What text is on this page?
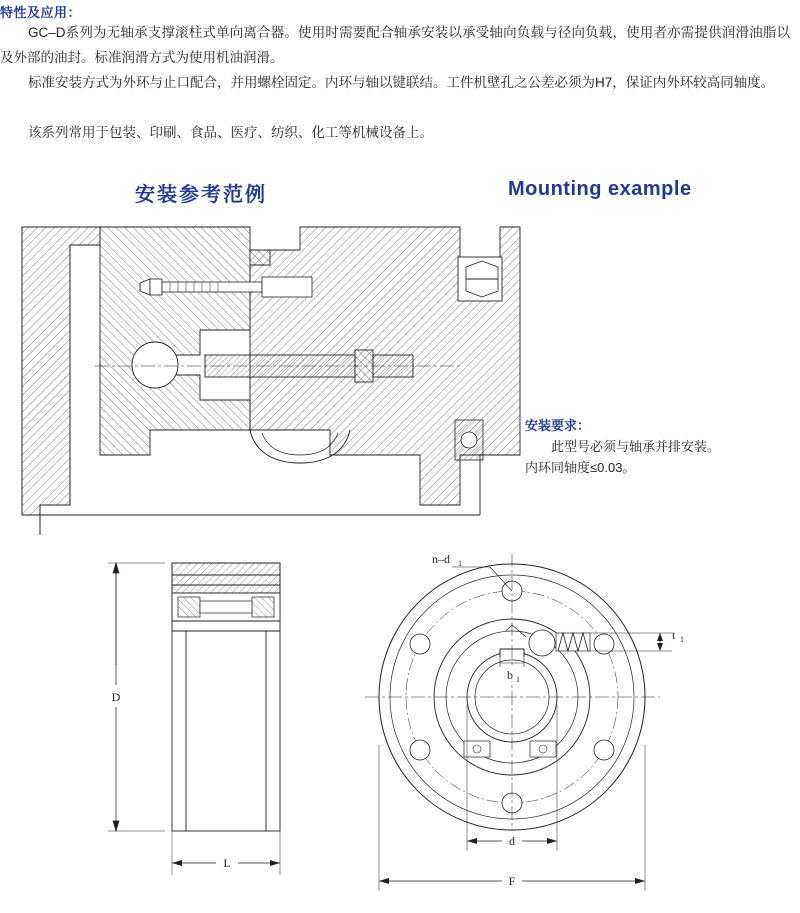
特性及应用：
GC–D系列为无轴承支撑滚柱式单向离合器。使用时需要配合轴承安装以承受轴向负载与径向负载，使用者亦需提供润滑油脂以及外部的油封。标准润滑方式为使用机油润滑。
标准安装方式为外环与止口配合，并用螺栓固定。内环与轴以键联结。工件机壁孔之公差必须为H7，保证内外环较高同轴度。
该系列常用于包装、印刷、食品、医疗、纺织、化工等机械设备上。
安装参考范例	Mounting example
安装要求：
此型号必须与轴承并排安装。
内环同轴度≤0.03。
D
L
n–d 1
b 1
t 1
d
F
